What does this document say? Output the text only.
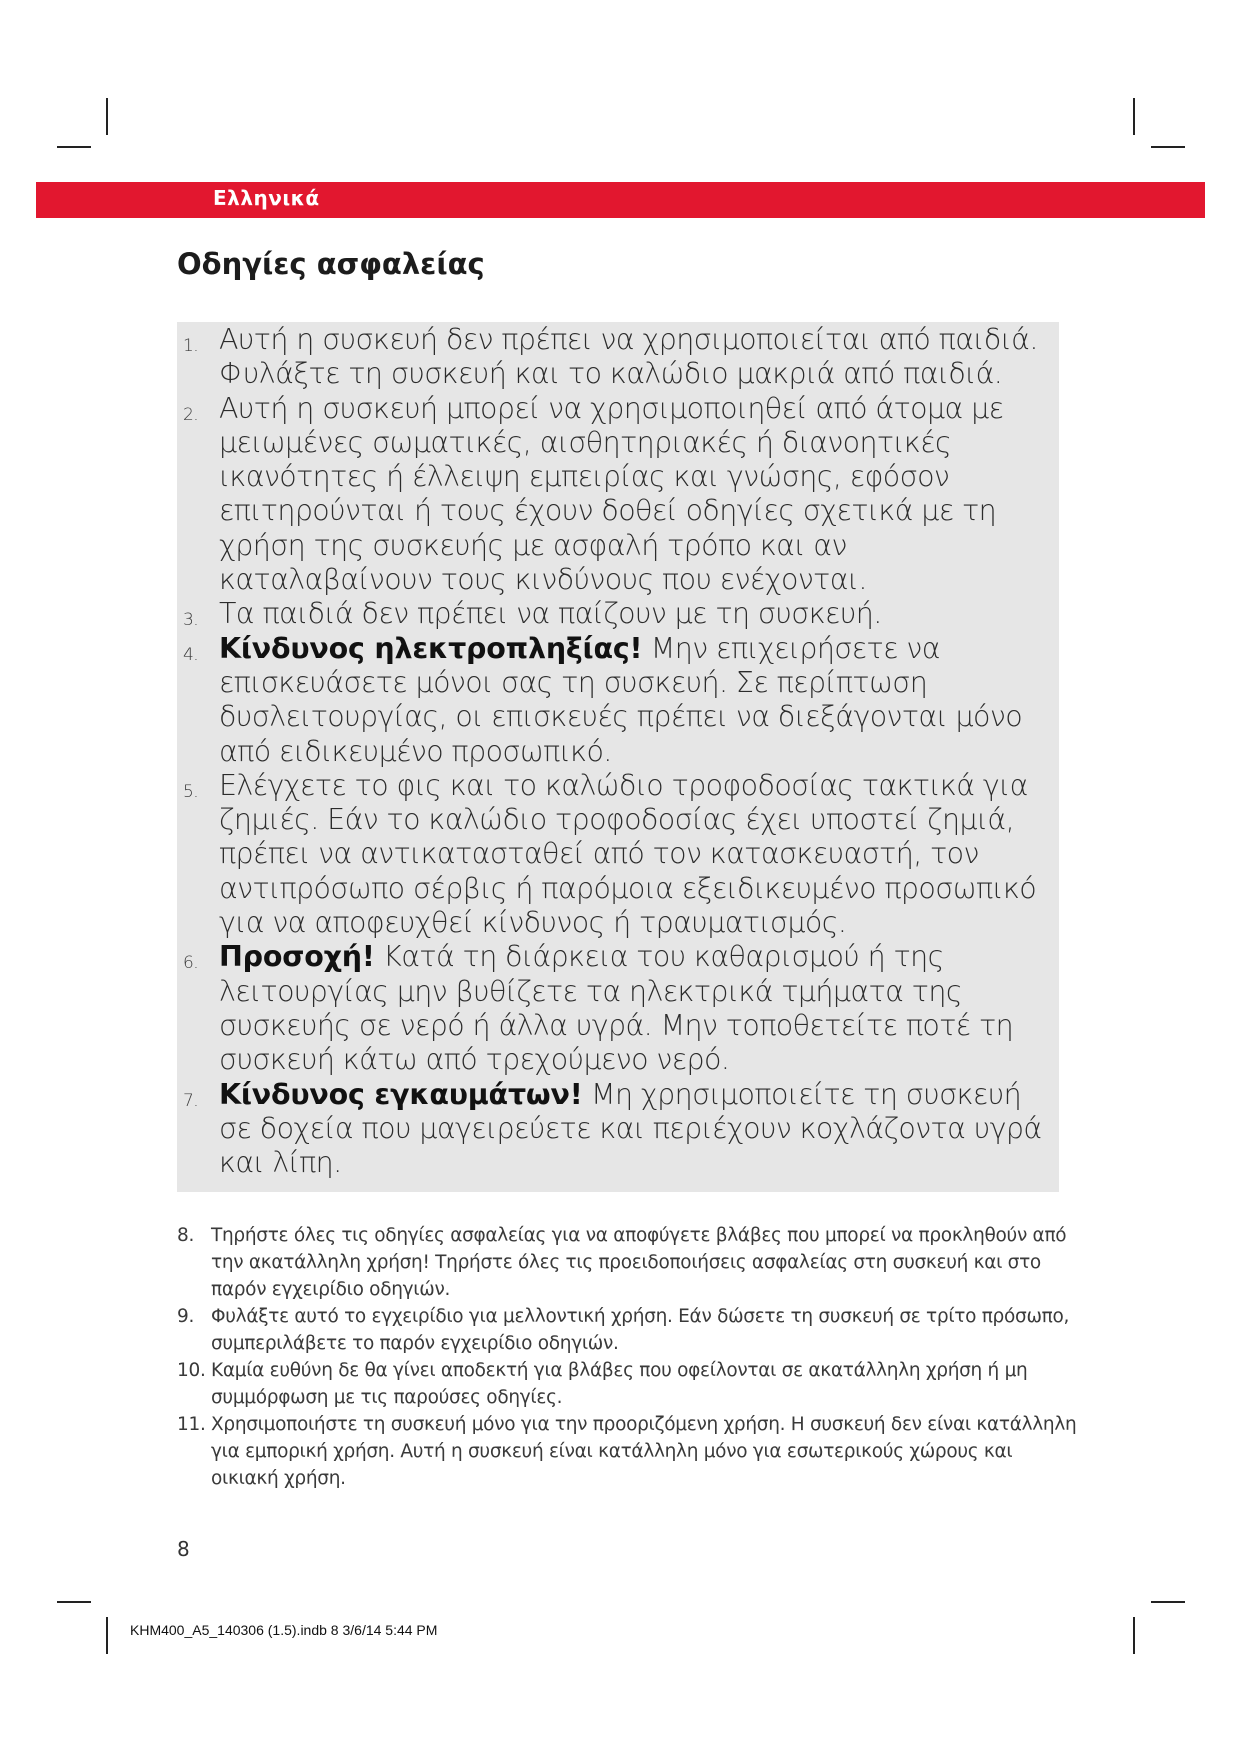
Ελληνικά
Οδηγίες ασφαλείας

1. Αυτή η συσκευή δεν πρέπει να χρησιμοποιείται από παιδιά. Φυλάξτε τη συσκευή και το καλώδιο μακριά από παιδιά.

2. Αυτή η συσκευή μπορεί να χρησιμοποιηθεί από άτομα με μειωμένες σωματικές, αισθητηριακές ή διανοητικές ικανότητες ή έλλειψη εμπειρίας και γνώσης, εφόσον επιτηρούνται ή τους έχουν δοθεί οδηγίες σχετικά με τη χρήση της συσκευής με ασφαλή τρόπο και αν καταλαβαίνουν τους κινδύνους που ενέχονται.

3. Τα παιδιά δεν πρέπει να παίζουν με τη συσκευή.

4. Κίνδυνος ηλεκτροπληξίας! Μην επιχειρήσετε να επισκευάσετε μόνοι σας τη συσκευή. Σε περίπτωση δυσλειτουργίας, οι επισκευές πρέπει να διεξάγονται μόνο από ειδικευμένο προσωπικό.

5. Ελέγχετε το φις και το καλώδιο τροφοδοσίας τακτικά για ζημιές. Εάν το καλώδιο τροφοδοσίας έχει υποστεί ζημιά, πρέπει να αντικατασταθεί από τον κατασκευαστή, τον αντιπρόσωπο σέρβις ή παρόμοια εξειδικευμένο προσωπικό για να αποφευχθεί κίνδυνος ή τραυματισμός.

6. Προσοχή! Κατά τη διάρκεια του καθαρισμού ή της λειτουργίας μην βυθίζετε τα ηλεκτρικά τμήματα της συσκευής σε νερό ή άλλα υγρά. Μην τοποθετείτε ποτέ τη συσκευή κάτω από τρεχούμενο νερό.

7. Κίνδυνος εγκαυμάτων! Μη χρησιμοποιείτε τη συσκευή σε δοχεία που μαγειρεύετε και περιέχουν κοχλάζοντα υγρά και λίπη.

8. Τηρήστε όλες τις οδηγίες ασφαλείας για να αποφύγετε βλάβες που μπορεί να προκληθούν από την ακατάλληλη χρήση! Τηρήστε όλες τις προειδοποιήσεις ασφαλείας στη συσκευή και στο παρόν εγχειρίδιο οδηγιών.

9. Φυλάξτε αυτό το εγχειρίδιο για μελλοντική χρήση. Εάν δώσετε τη συσκευή σε τρίτο πρόσωπο, συμπεριλάβετε το παρόν εγχειρίδιο οδηγιών.

10. Καμία ευθύνη δε θα γίνει αποδεκτή για βλάβες που οφείλονται σε ακατάλληλη χρήση ή μη συμμόρφωση με τις παρούσες οδηγίες.

11. Χρησιμοποιήστε τη συσκευή μόνο για την προοριζόμενη χρήση. Η συσκευή δεν είναι κατάλληλη για εμπορική χρήση. Αυτή η συσκευή είναι κατάλληλη μόνο για εσωτερικούς χώρους και οικιακή χρήση.

8
KHM400_A5_140306 (1.5).indb 8 3/6/14 5:44 PM
